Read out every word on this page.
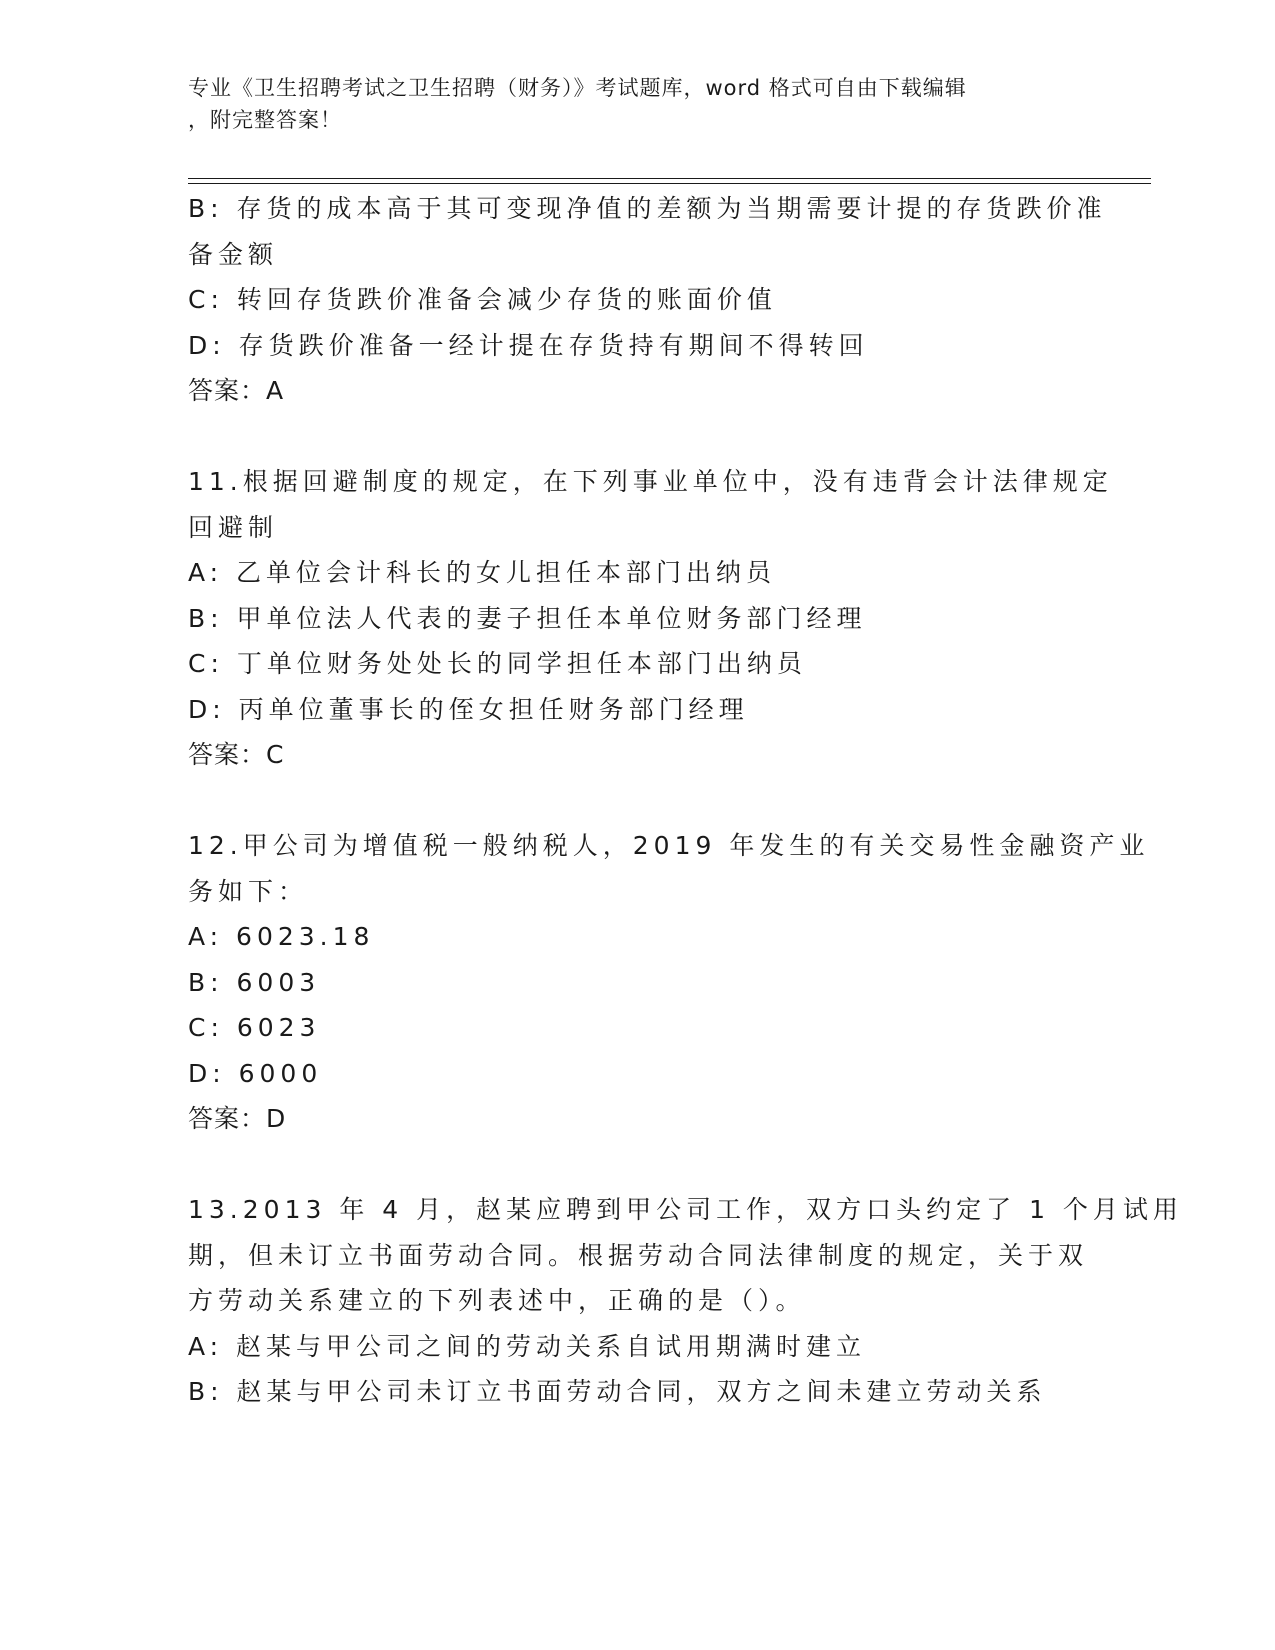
专业《卫生招聘考试之卫生招聘（财务）》考试题库，word 格式可自由下载编辑
，附完整答案！
B: 存货的成本高于其可变现净值的差额为当期需要计提的存货跌价准
备金额
C: 转回存货跌价准备会减少存货的账面价值
D: 存货跌价准备一经计提在存货持有期间不得转回
答案：A
11.根据回避制度的规定，在下列事业单位中，没有违背会计法律规定
回避制
A: 乙单位会计科长的女儿担任本部门出纳员
B: 甲单位法人代表的妻子担任本单位财务部门经理
C: 丁单位财务处处长的同学担任本部门出纳员
D: 丙单位董事长的侄女担任财务部门经理
答案：C
12.甲公司为增值税一般纳税人，2019 年发生的有关交易性金融资产业
务如下：
A: 6023.18
B: 6003
C: 6023
D: 6000
答案：D
13.2013 年 4 月，赵某应聘到甲公司工作，双方口头约定了 1 个月试用
期，但未订立书面劳动合同。根据劳动合同法律制度的规定，关于双
方劳动关系建立的下列表述中，正确的是（）。
A: 赵某与甲公司之间的劳动关系自试用期满时建立
B: 赵某与甲公司未订立书面劳动合同，双方之间未建立劳动关系
